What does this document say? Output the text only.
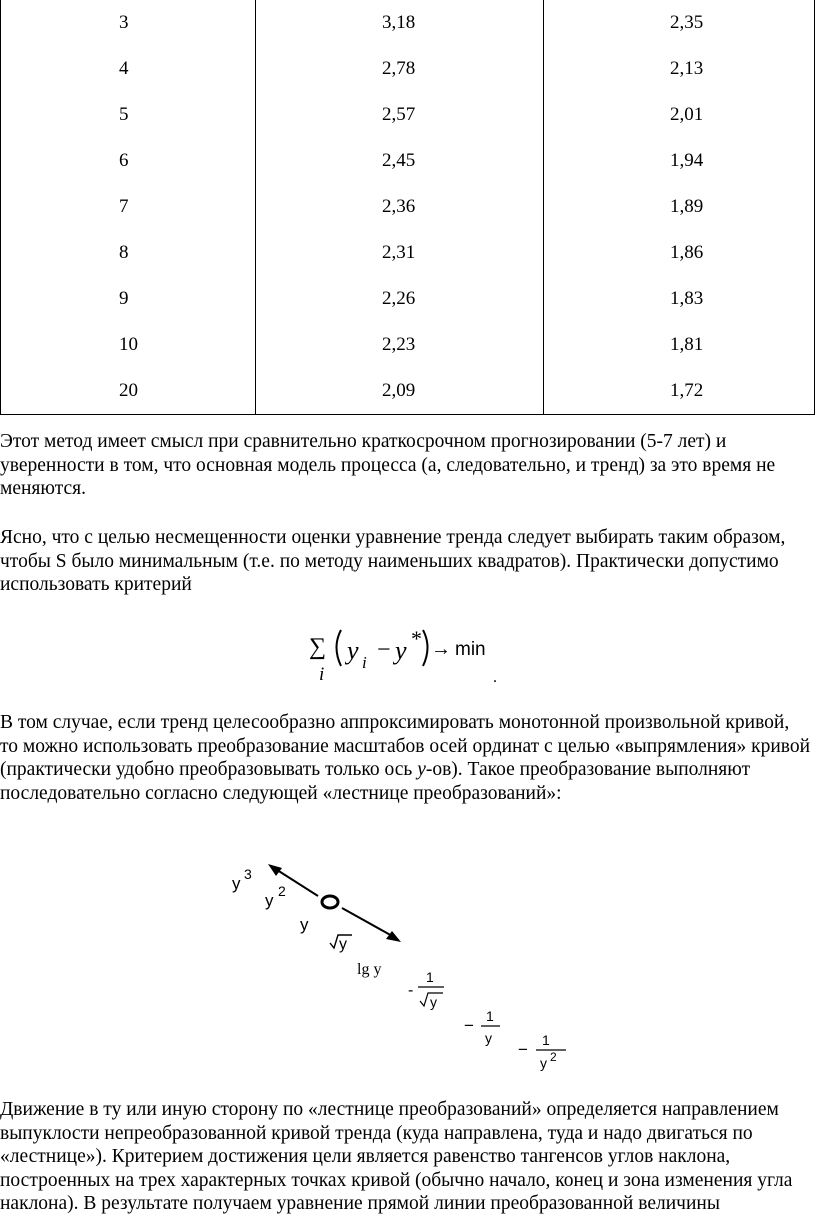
3	3,18	2,35
4	2,78	2,13
5	2,57	2,01
6	2,45	1,94
7	2,36	1,89
8	2,31	1,86
9	2,26	1,83
10	2,23	1,81
20	2,09	1,72

Этот метод имеет смысл при сравнительно краткосрочном прогнозировании (5-7 лет) и уверенности в том, что основная модель процесса (а, следовательно, и тренд) за это время не меняются.

Ясно, что с целью несмещенности оценки уравнение тренда следует выбирать таким образом, чтобы S было минимальным (т.е. по методу наименьших квадратов). Практически допустимо использовать критерий

∑
i
y i − y * → min
.

В том случае, если тренд целесообразно аппроксимировать монотонной произвольной кривой, то можно использовать преобразование масштабов осей ординат с целью «выпрямления» кривой (практически удобно преобразовывать только ось y-ов). Такое преобразование выполняют последовательно согласно следующей «лестнице преобразований»:

y 3
y 2
y
y
lg y
-
1
y
− 1
y
− 1
y 2

Движение в ту или иную сторону по «лестнице преобразований» определяется направлением выпуклости непреобразованной кривой тренда (куда направлена, туда и надо двигаться по «лестнице»). Критерием достижения цели является равенство тангенсов углов наклона, построенных на трех характерных точках кривой (обычно начало, конец и зона изменения угла наклона). В результате получаем уравнение прямой линии преобразованной величины
